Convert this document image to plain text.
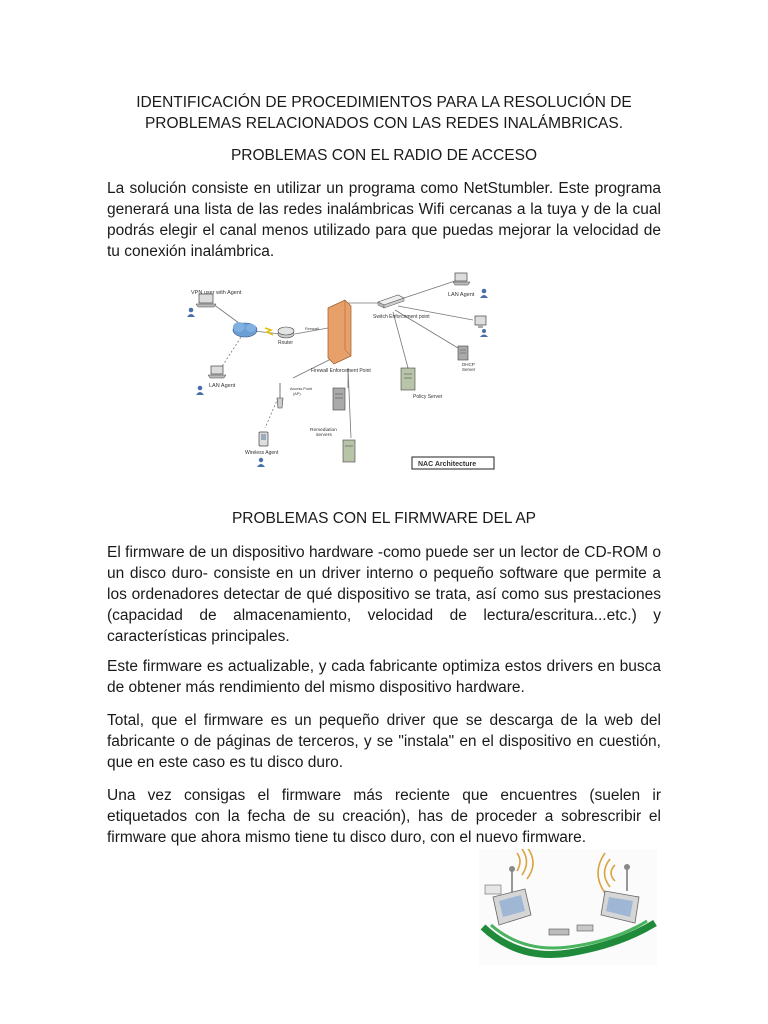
IDENTIFICACIÓN DE PROCEDIMIENTOS PARA LA RESOLUCIÓN DE
PROBLEMAS RELACIONADOS CON LAS REDES INALÁMBRICAS.
PROBLEMAS CON EL RADIO DE ACCESO

La solución consiste en utilizar un programa como NetStumbler. Este programa generará una lista de las redes inalámbricas Wifi cercanas a la tuya y de la cual podrás elegir el canal menos utilizado para que puedas mejorar la velocidad de tu conexión inalámbrica.

VPN user with Agent
Router
Firewall
Firewall Enforcement Point
Switch Enforcement point
LAN Agent
DHCP
Server
Policy Server
LAN Agent	Access Point
(AP)
Remediation
servers
Wireless Agent
NAC Architecture
PROBLEMAS CON EL FIRMWARE DEL AP

El firmware de un dispositivo hardware -como puede ser un lector de CD-ROM o un disco duro- consiste en un driver interno o pequeño software que permite a los ordenadores detectar de qué dispositivo se trata, así como sus prestaciones (capacidad de almacenamiento, velocidad de lectura/escritura...etc.) y características principales.

Este firmware es actualizable, y cada fabricante optimiza estos drivers en busca de obtener más rendimiento del mismo dispositivo hardware.

Total, que el firmware es un pequeño driver que se descarga de la web del fabricante o de páginas de terceros, y se "instala" en el dispositivo en cuestión, que en este caso es tu disco duro.

Una vez consigas el firmware más reciente que encuentres (suelen ir etiquetados con la fecha de su creación), has de proceder a sobrescribir el firmware que ahora mismo tiene tu disco duro, con el nuevo firmware.
